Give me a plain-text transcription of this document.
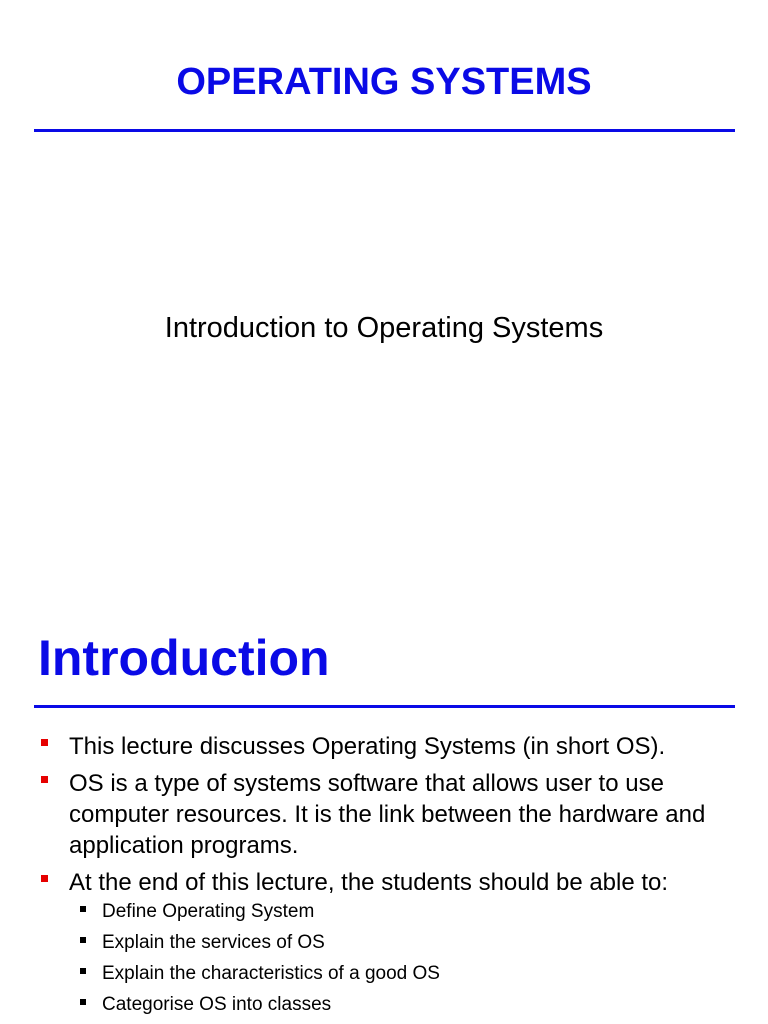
OPERATING SYSTEMS
Introduction to Operating Systems
Introduction
This lecture discusses Operating Systems (in short OS).
OS is a type of systems software that allows user to use computer resources. It is the link between the hardware and application programs.
At the end of this lecture, the students should be able to:
Define Operating System
Explain the services of OS
Explain the characteristics of a good OS
Categorise OS into classes
